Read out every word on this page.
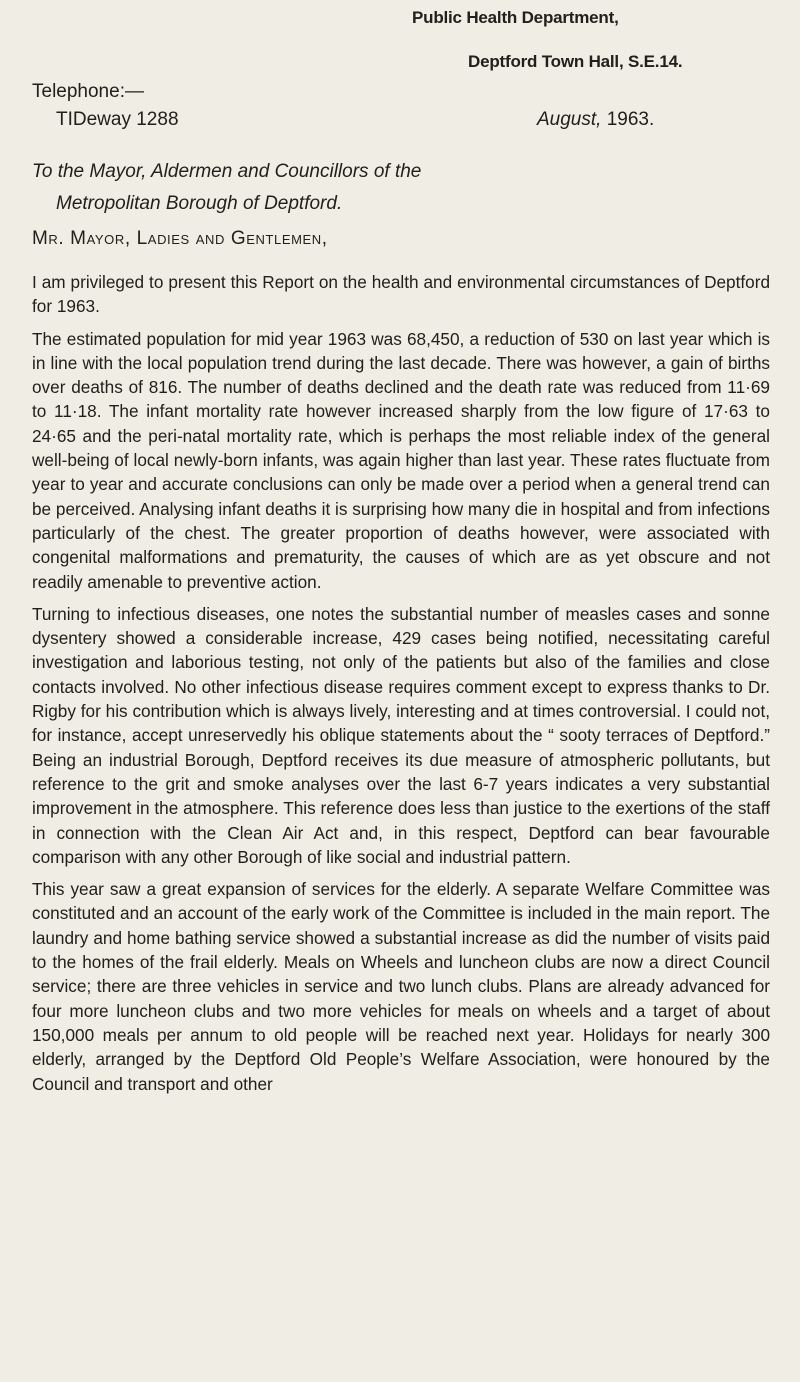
Public Health Department,
Deptford Town Hall, S.E.14.
Telephone:—
TIDeway 1288	August, 1963.
To the Mayor, Aldermen and Councillors of the
Metropolitan Borough of Deptford.
Mr. Mayor, Ladies and Gentlemen,

I am privileged to present this Report on the health and environmental circumstances of Deptford for 1963.

The estimated population for mid year 1963 was 68,450, a reduction of 530 on last year which is in line with the local population trend during the last decade. There was however, a gain of births over deaths of 816. The number of deaths declined and the death rate was reduced from 11·69 to 11·18. The infant mortality rate however increased sharply from the low figure of 17·63 to 24·65 and the peri-natal mortality rate, which is perhaps the most reliable index of the general well-being of local newly-born infants, was again higher than last year. These rates fluctuate from year to year and accurate conclusions can only be made over a period when a general trend can be perceived. Analysing infant deaths it is surprising how many die in hospital and from infections particularly of the chest. The greater proportion of deaths however, were associated with congenital malformations and prematurity, the causes of which are as yet obscure and not readily amenable to preventive action.

Turning to infectious diseases, one notes the substantial number of measles cases and sonne dysentery showed a considerable increase, 429 cases being notified, necessitating careful investigation and laborious testing, not only of the patients but also of the families and close contacts involved. No other infectious disease requires comment except to express thanks to Dr. Rigby for his contribution which is always lively, interesting and at times controversial. I could not, for instance, accept unreservedly his oblique statements about the “ sooty terraces of Deptford.” Being an industrial Borough, Deptford receives its due measure of atmospheric pollutants, but reference to the grit and smoke analyses over the last 6-7 years indicates a very substantial improvement in the atmosphere. This reference does less than justice to the exertions of the staff in connection with the Clean Air Act and, in this respect, Deptford can bear favourable comparison with any other Borough of like social and industrial pattern.

This year saw a great expansion of services for the elderly. A separate Welfare Committee was constituted and an account of the early work of the Committee is included in the main report. The laundry and home bathing service showed a substantial increase as did the number of visits paid to the homes of the frail elderly. Meals on Wheels and luncheon clubs are now a direct Council service; there are three vehicles in service and two lunch clubs. Plans are already advanced for four more luncheon clubs and two more vehicles for meals on wheels and a target of about 150,000 meals per annum to old people will be reached next year. Holidays for nearly 300 elderly, arranged by the Deptford Old People’s Welfare Association, were honoured by the Council and transport and other
